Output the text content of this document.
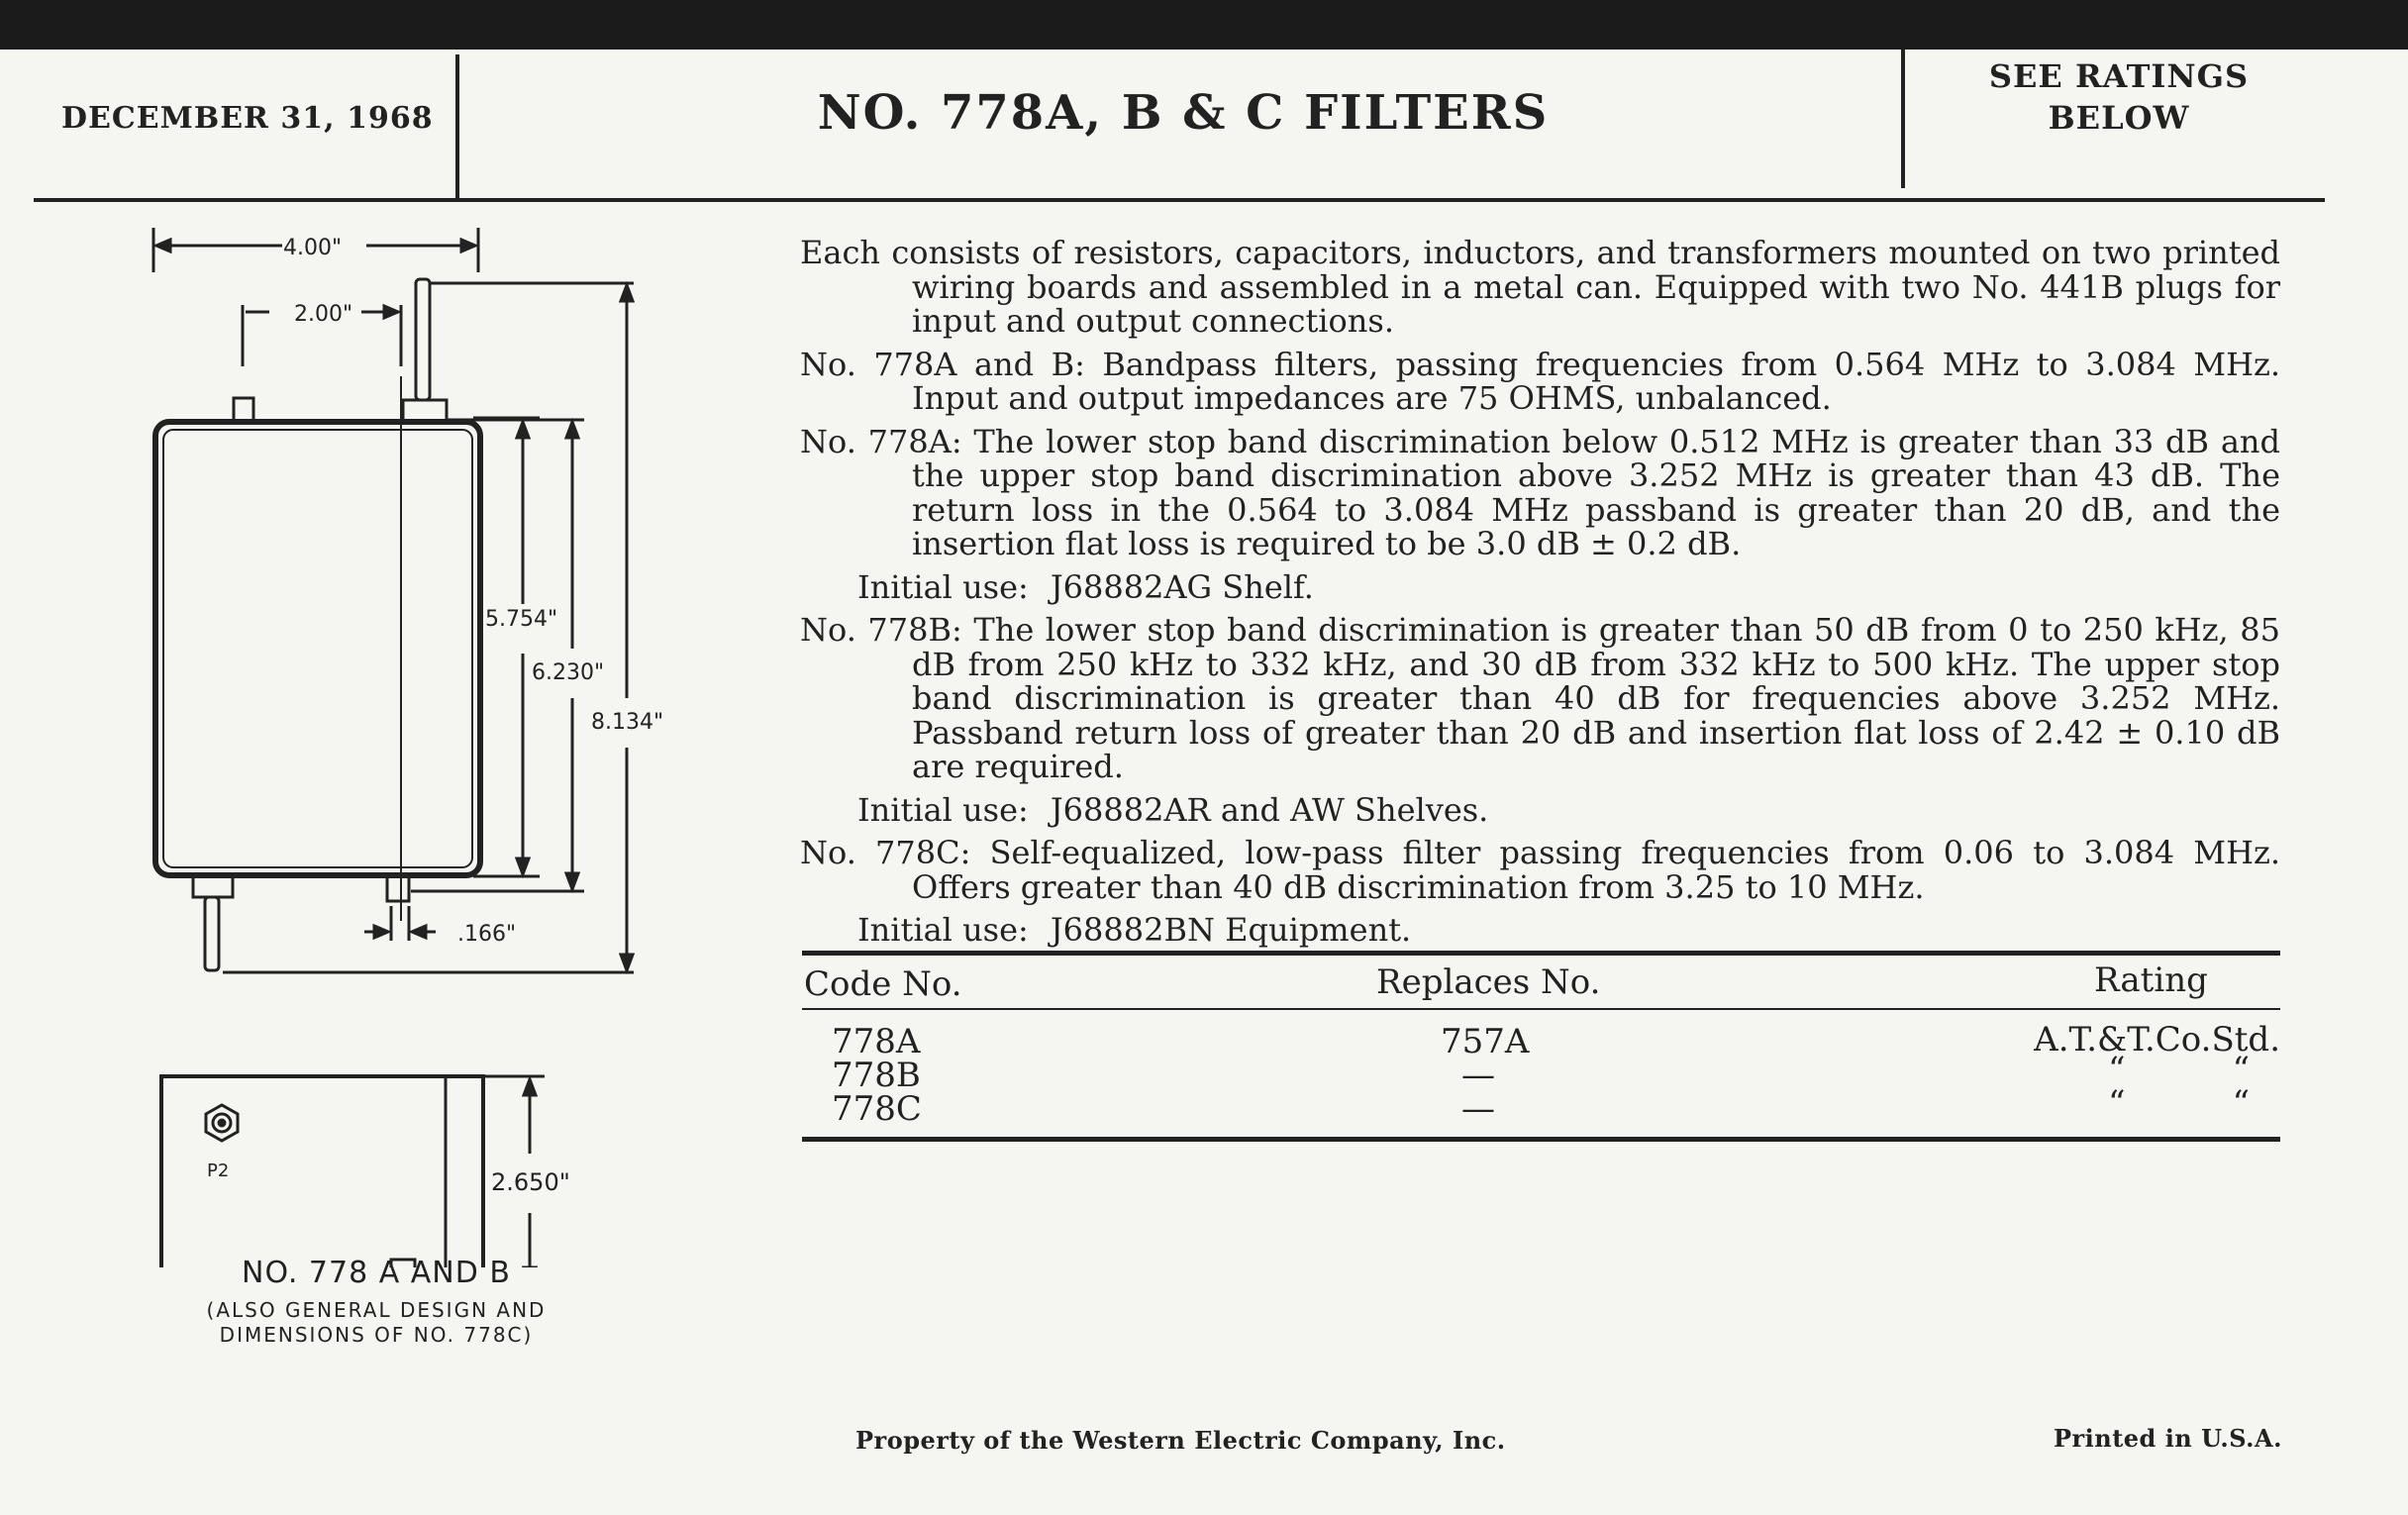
DECEMBER 31, 1968	NO. 778A, B & C FILTERS
SEE RATINGS
BELOW
4.00"
2.00"
5.754"
6.230"
8.134"
.166"
2.650"
P2
NO. 778 A AND B
(ALSO GENERAL DESIGN AND
DIMENSIONS OF NO. 778C)

Each consists of resistors, capacitors, inductors, and transformers mounted on two printed wiring boards and assembled in a metal can. Equipped with two No. 441B plugs for input and output connections.

No. 778A and B: Bandpass filters, passing frequencies from 0.564 MHz to 3.084 MHz. Input and output impedances are 75 OHMS, unbalanced.

No. 778A: The lower stop band discrimination below 0.512 MHz is greater than 33 dB and the upper stop band discrimination above 3.252 MHz is greater than 43 dB. The return loss in the 0.564 to 3.084 MHz passband is greater than 20 dB, and the insertion flat loss is required to be 3.0 dB ± 0.2 dB.

Initial use: J68882AG Shelf.

No. 778B: The lower stop band discrimination is greater than 50 dB from 0 to 250 kHz, 85 dB from 250 kHz to 332 kHz, and 30 dB from 332 kHz to 500 kHz. The upper stop band discrimination is greater than 40 dB for frequencies above 3.252 MHz. Passband return loss of greater than 20 dB and insertion flat loss of 2.42 ± 0.10 dB are required.

Initial use: J68882AR and AW Shelves.

No. 778C: Self-equalized, low-pass filter passing frequencies from 0.06 to 3.084 MHz. Offers greater than 40 dB discrimination from 3.25 to 10 MHz.

Initial use: J68882BN Equipment.

Code No.	Replaces No.	Rating
778A	757A	A.T.&T.Co.Std.
778B	—	“          “
778C	—	“          “
Property of the Western Electric Company, Inc.	Printed in U.S.A.
